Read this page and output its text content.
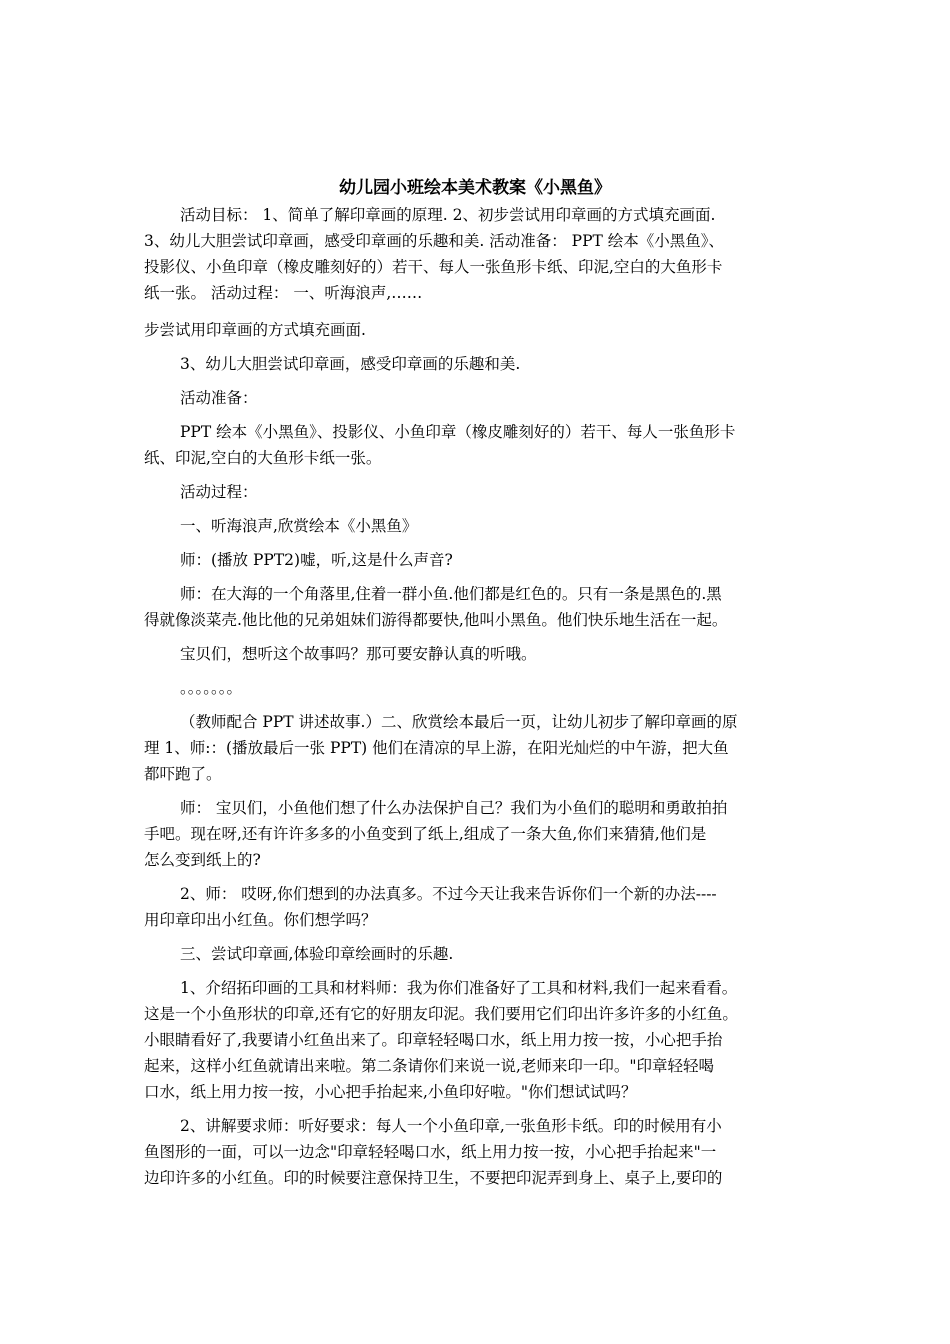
幼儿园小班绘本美术教案《小黑鱼》
活动目标： 1、简单了解印章画的原理. 2、初步尝试用印章画的方式填充画面.
3、幼儿大胆尝试印章画，感受印章画的乐趣和美. 活动准备： PPT 绘本《小黑鱼》、
投影仪、小鱼印章（橡皮雕刻好的）若干、每人一张鱼形卡纸、印泥,空白的大鱼形卡
纸一张。 活动过程： 一、听海浪声,……
步尝试用印章画的方式填充画面.
3、幼儿大胆尝试印章画，感受印章画的乐趣和美.
活动准备：
PPT 绘本《小黑鱼》、投影仪、小鱼印章（橡皮雕刻好的）若干、每人一张鱼形卡
纸、印泥,空白的大鱼形卡纸一张。
活动过程：
一、听海浪声,欣赏绘本《小黑鱼》
师：(播放 PPT2)嘘，听,这是什么声音?
师：在大海的一个角落里,住着一群小鱼.他们都是红色的。只有一条是黑色的.黑
得就像淡菜壳.他比他的兄弟姐妹们游得都要快,他叫小黑鱼。他们快乐地生活在一起。
宝贝们，想听这个故事吗？那可要安静认真的听哦。
。。。。。。。
（教师配合 PPT 讲述故事.）二、欣赏绘本最后一页，让幼儿初步了解印章画的原
理 1、师:：(播放最后一张 PPT) 他们在清凉的早上游，在阳光灿烂的中午游，把大鱼
都吓跑了。
师： 宝贝们，小鱼他们想了什么办法保护自己？我们为小鱼们的聪明和勇敢拍拍
手吧。现在呀,还有许许多多的小鱼变到了纸上,组成了一条大鱼,你们来猜猜,他们是
怎么变到纸上的?
2、师： 哎呀,你们想到的办法真多。不过今天让我来告诉你们一个新的办法----
用印章印出小红鱼。你们想学吗？
三、尝试印章画,体验印章绘画时的乐趣.
1、介绍拓印画的工具和材料师：我为你们准备好了工具和材料,我们一起来看看。
这是一个小鱼形状的印章,还有它的好朋友印泥。我们要用它们印出许多许多的小红鱼。
小眼睛看好了,我要请小红鱼出来了。印章轻轻喝口水，纸上用力按一按，小心把手抬
起来，这样小红鱼就请出来啦。第二条请你们来说一说,老师来印一印。"印章轻轻喝
口水，纸上用力按一按，小心把手抬起来,小鱼印好啦。"你们想试试吗？
2、讲解要求师：听好要求：每人一个小鱼印章,一张鱼形卡纸。印的时候用有小
鱼图形的一面，可以一边念"印章轻轻喝口水，纸上用力按一按，小心把手抬起来"一
边印许多的小红鱼。印的时候要注意保持卫生，不要把印泥弄到身上、桌子上,要印的
